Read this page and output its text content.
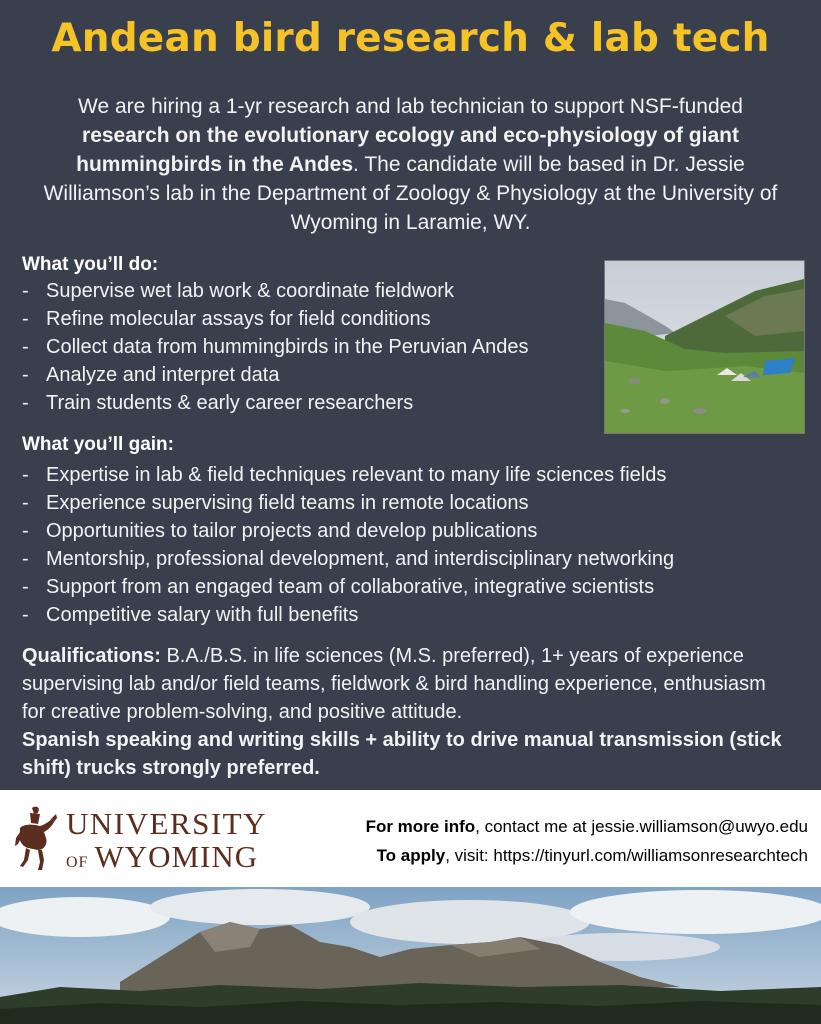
Andean bird research & lab tech

We are hiring a 1-yr research and lab technician to support NSF-funded research on the evolutionary ecology and eco-physiology of giant hummingbirds in the Andes. The candidate will be based in Dr. Jessie Williamson’s lab in the Department of Zoology & Physiology at the University of Wyoming in Laramie, WY.

What you’ll do:
- Supervise wet lab work & coordinate fieldwork
- Refine molecular assays for field conditions
- Collect data from hummingbirds in the Peruvian Andes
- Analyze and interpret data
- Train students & early career researchers
What you’ll gain:
- Expertise in lab & field techniques relevant to many life sciences fields
- Experience supervising field teams in remote locations
- Opportunities to tailor projects and develop publications
- Mentorship, professional development, and interdisciplinary networking
- Support from an engaged team of collaborative, integrative scientists
- Competitive salary with full benefits
Qualifications: B.A./B.S. in life sciences (M.S. preferred), 1+ years of experience supervising lab and/or field teams, fieldwork & bird handling experience, enthusiasm for creative problem-solving, and positive attitude.
Spanish speaking and writing skills + ability to drive manual transmission (stick shift) trucks strongly preferred.
UNIVERSITY
OF WYOMING
For more info, contact me at jessie.williamson@uwyo.edu
To apply, visit: https://tinyurl.com/williamsonresearchtech
